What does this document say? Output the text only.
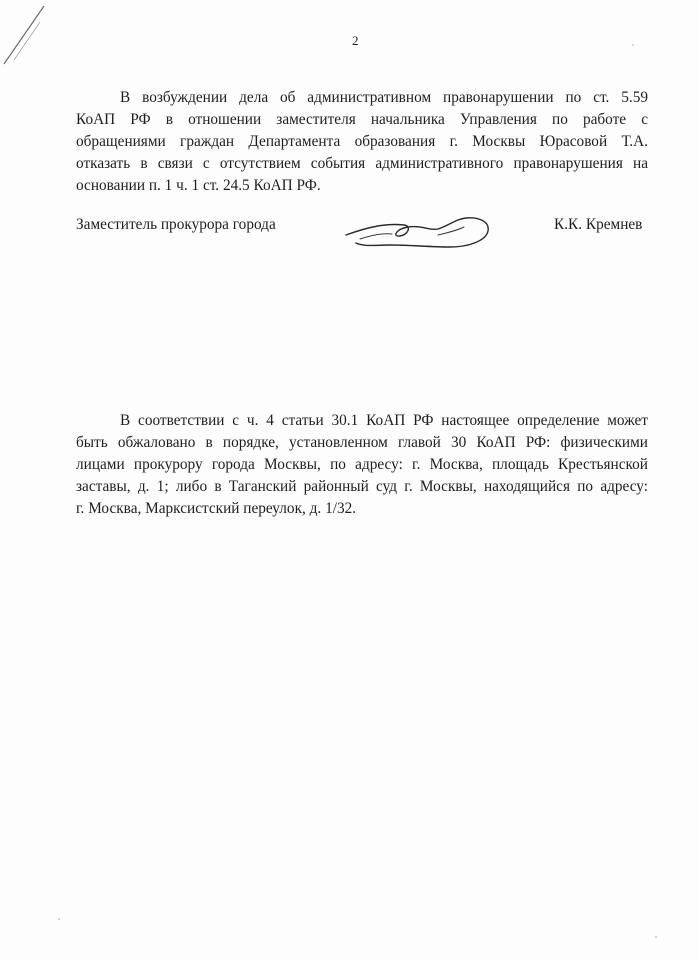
2

В возбуждении дела об административном правонарушении по ст. 5.59
КоАП РФ в отношении заместителя начальника Управления по работе с
обращениями граждан Департамента образования г. Москвы Юрасовой Т.А.
отказать в связи с отсутствием события административного правонарушения на
основании п. 1 ч. 1 ст. 24.5 КоАП РФ.

Заместитель прокурора города	К.К. Кремнев

В соответствии с ч. 4 статьи 30.1 КоАП РФ настоящее определение может
быть обжаловано в порядке, установленном главой 30 КоАП РФ: физическими
лицами прокурору города Москвы, по адресу: г. Москва, площадь Крестьянской
заставы, д. 1; либо в Таганский районный суд г. Москвы, находящийся по адресу:
г. Москва, Марксистский переулок, д. 1/32.
